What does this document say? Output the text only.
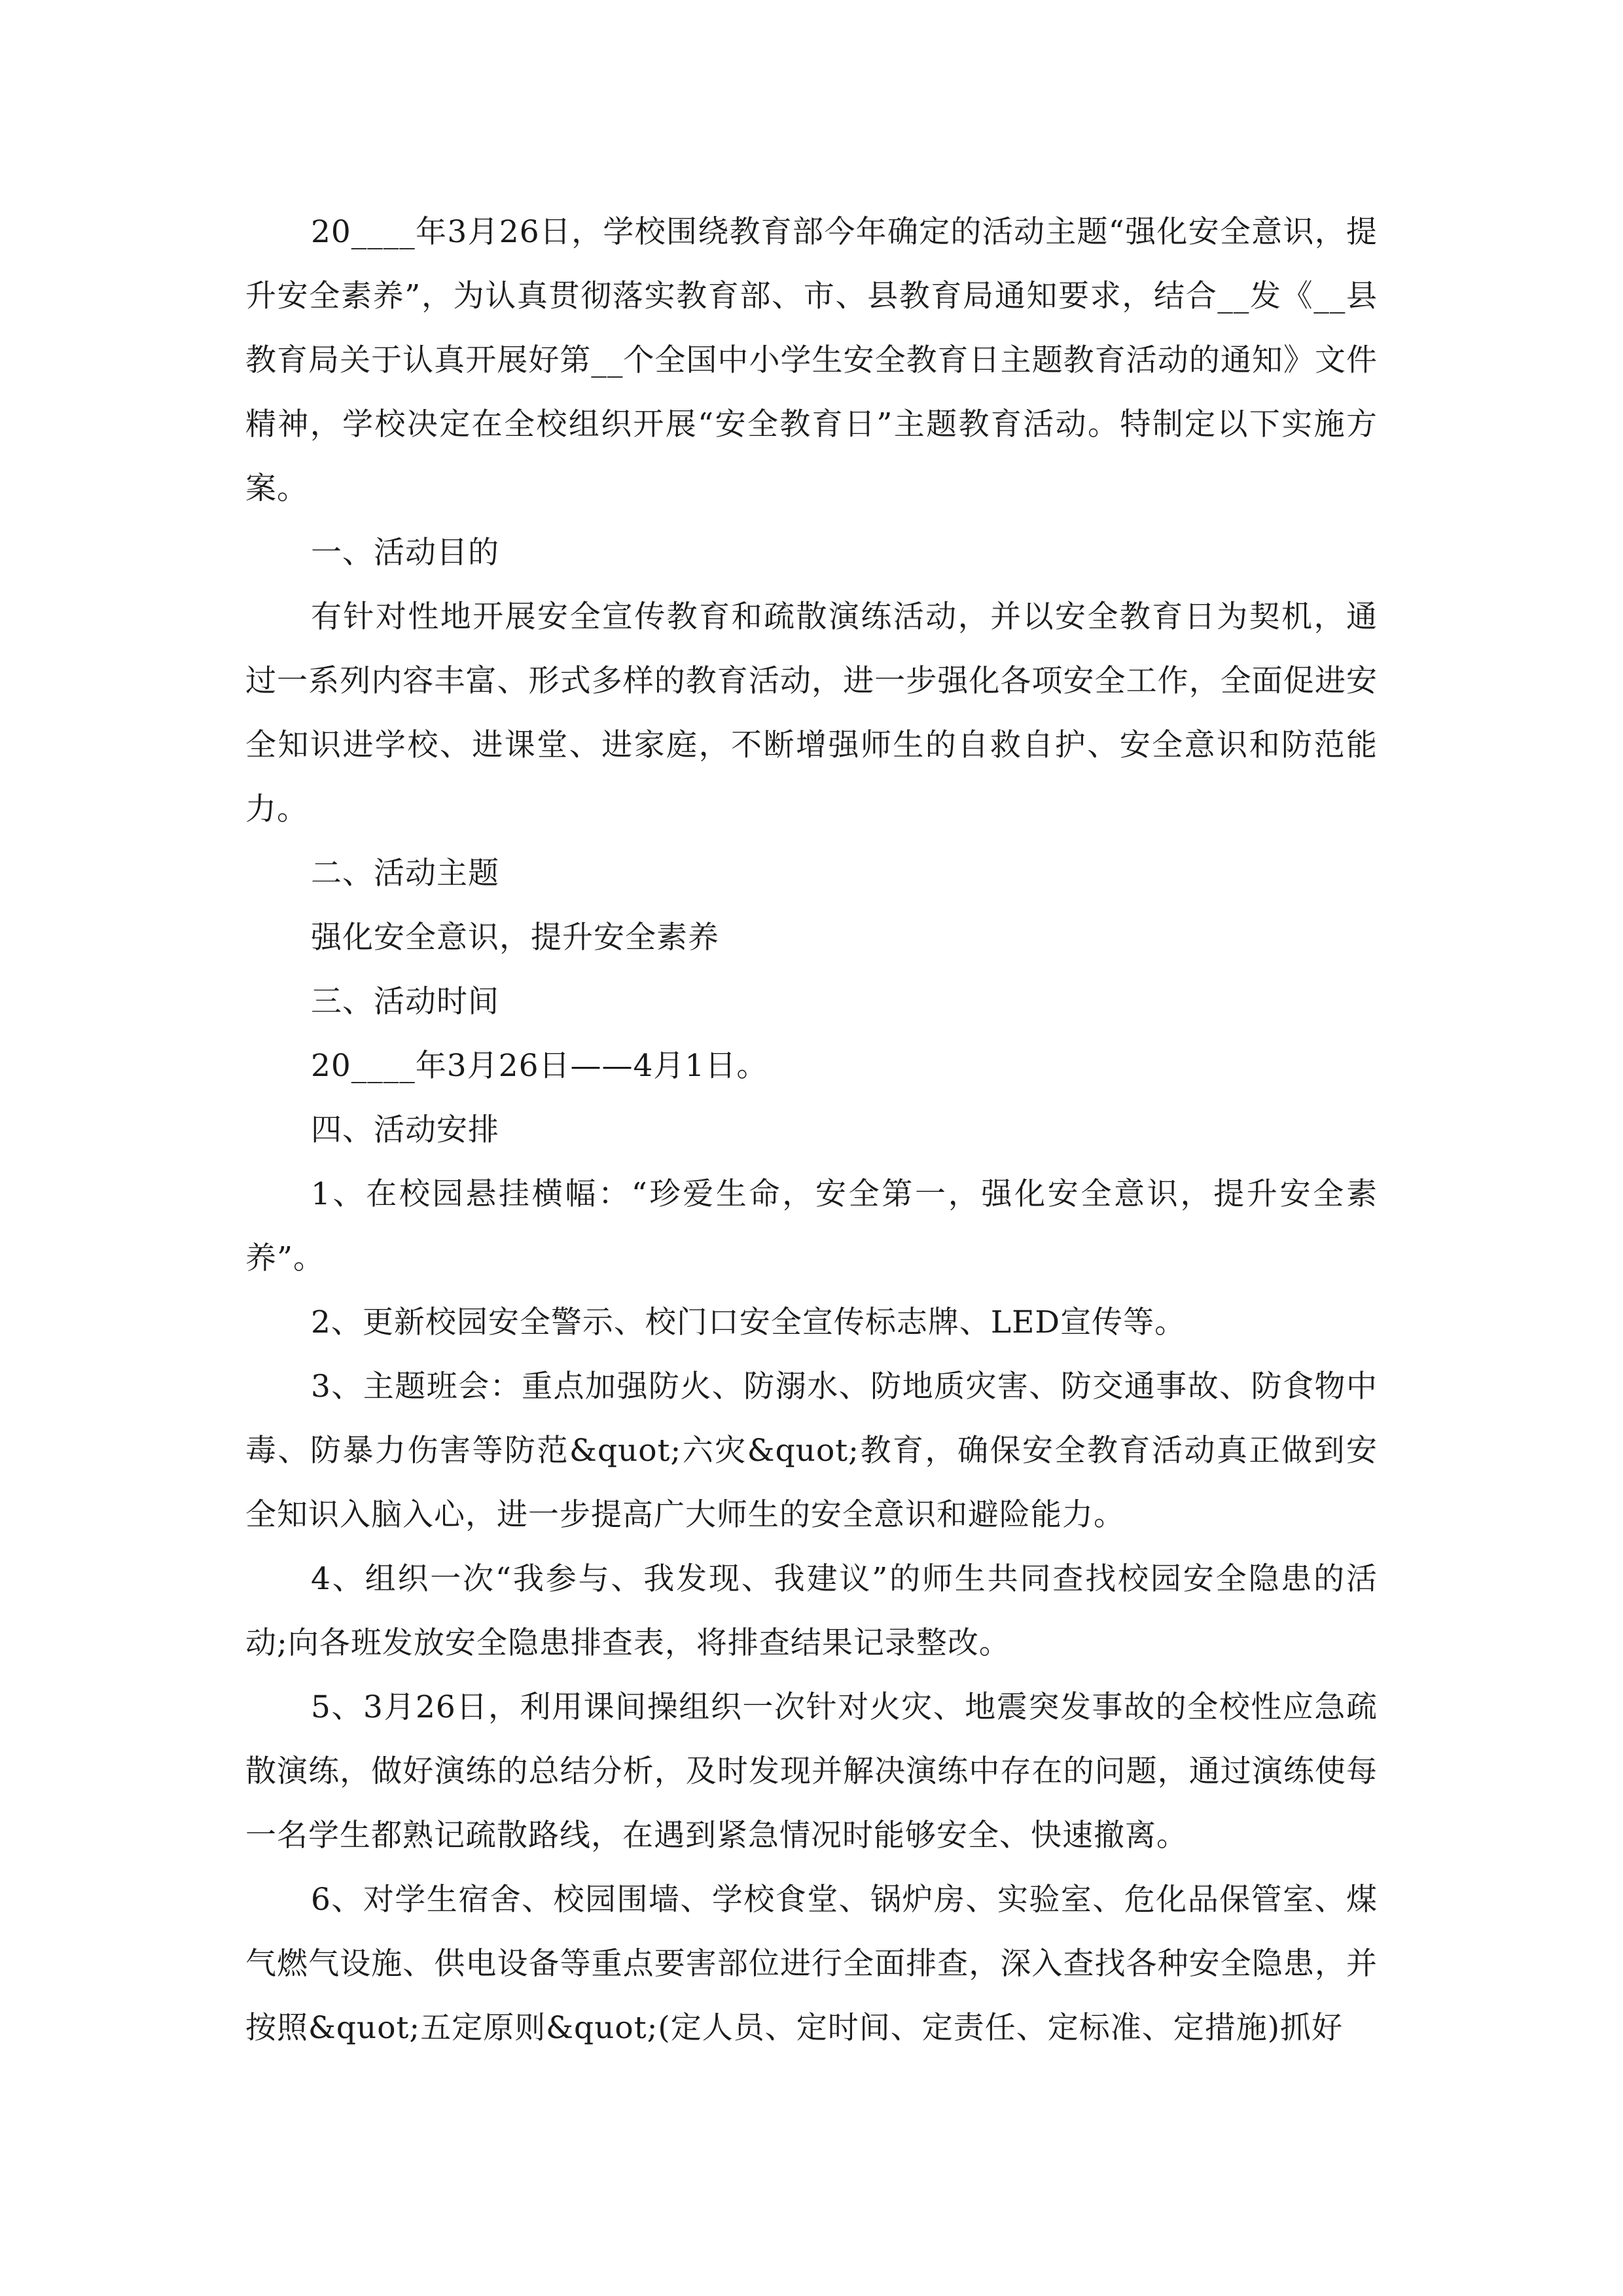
20____年3月26日，学校围绕教育部今年确定的活动主题“强化安全意识，提升安全素养”，为认真贯彻落实教育部、市、县教育局通知要求，结合__发《__县教育局关于认真开展好第__个全国中小学生安全教育日主题教育活动的通知》文件精神，学校决定在全校组织开展“安全教育日”主题教育活动。特制定以下实施方案。

一、活动目的

有针对性地开展安全宣传教育和疏散演练活动，并以安全教育日为契机，通过一系列内容丰富、形式多样的教育活动，进一步强化各项安全工作，全面促进安全知识进学校、进课堂、进家庭，不断增强师生的自救自护、安全意识和防范能力。

二、活动主题

强化安全意识，提升安全素养

三、活动时间

20____年3月26日——4月1日。

四、活动安排

1、在校园悬挂横幅：“珍爱生命，安全第一，强化安全意识，提升安全素养”。

2、更新校园安全警示、校门口安全宣传标志牌、LED宣传等。

3、主题班会：重点加强防火、防溺水、防地质灾害、防交通事故、防食物中毒、防暴力伤害等防范&quot;六灾&quot;教育，确保安全教育活动真正做到安全知识入脑入心，进一步提高广大师生的安全意识和避险能力。

4、组织一次“我参与、我发现、我建议”的师生共同查找校园安全隐患的活动;向各班发放安全隐患排查表，将排查结果记录整改。

5、3月26日，利用课间操组织一次针对火灾、地震突发事故的全校性应急疏散演练，做好演练的总结分析，及时发现并解决演练中存在的问题，通过演练使每一名学生都熟记疏散路线，在遇到紧急情况时能够安全、快速撤离。

6、对学生宿舍、校园围墙、学校食堂、锅炉房、实验室、危化品保管室、煤气燃气设施、供电设备等重点要害部位进行全面排查，深入查找各种安全隐患，并按照&quot;五定原则&quot;(定人员、定时间、定责任、定标准、定措施)抓好
